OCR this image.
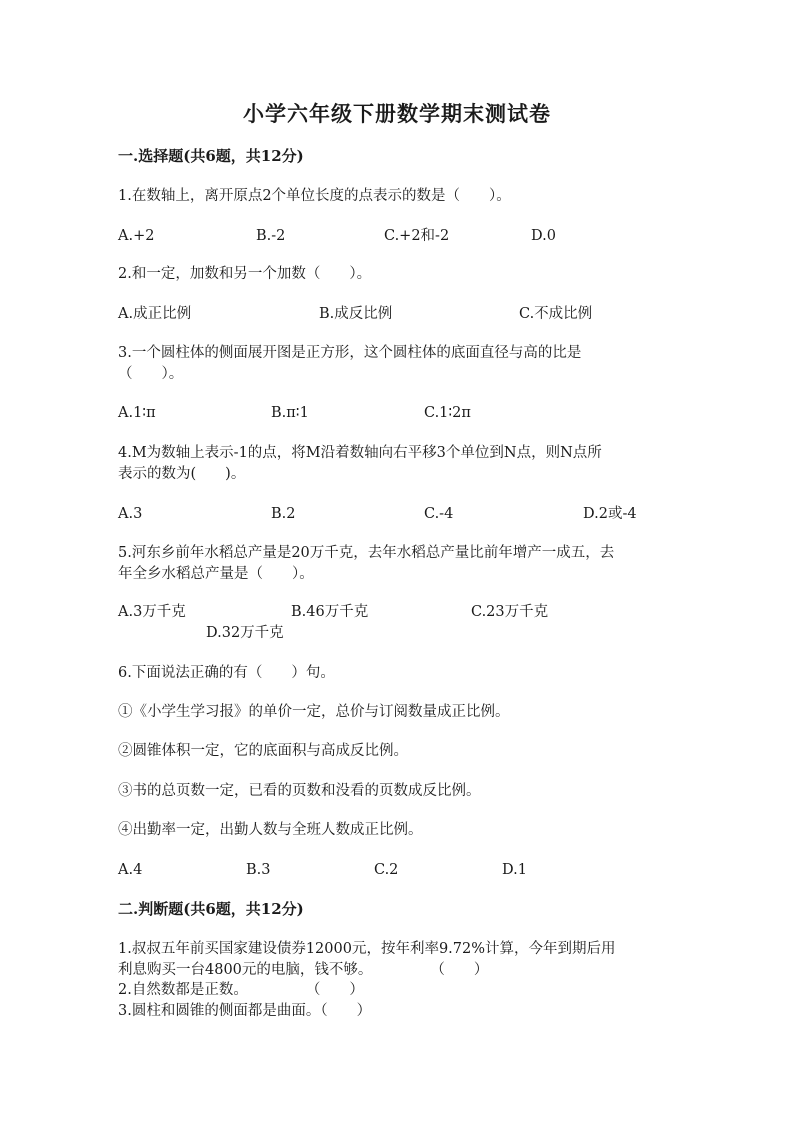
小学六年级下册数学期末测试卷
一.选择题(共6题，共12分)
1.在数轴上，离开原点2个单位长度的点表示的数是（　　）。
A.+2	B.-2	C.+2和-2	D.0
2.和一定，加数和另一个加数（　　）。
A.成正比例	B.成反比例	C.不成比例
3.一个圆柱体的侧面展开图是正方形，这个圆柱体的底面直径与高的比是
（　　）。
A.1∶π	B.π∶1	C.1∶2π
4.M为数轴上表示-1的点，将M沿着数轴向右平移3个单位到N点，则N点所
表示的数为(　　)。
A.3	B.2	C.-4	D.2或-4
5.河东乡前年水稻总产量是20万千克，去年水稻总产量比前年增产一成五，去
年全乡水稻总产量是（　　）。
A.3万千克	B.46万千克	C.23万千克
D.32万千克
6.下面说法正确的有（　　）句。
①《小学生学习报》的单价一定，总价与订阅数量成正比例。
②圆锥体积一定，它的底面积与高成反比例。
③书的总页数一定，已看的页数和没看的页数成反比例。
④出勤率一定，出勤人数与全班人数成正比例。
A.4	B.3	C.2	D.1
二.判断题(共6题，共12分)
1.叔叔五年前买国家建设债券12000元，按年利率9.72%计算，今年到期后用
利息购买一台4800元的电脑，钱不够。　　　　　（　　）
2.自然数都是正数。　　　　　（　　）
3.圆柱和圆锥的侧面都是曲面。（　　）
